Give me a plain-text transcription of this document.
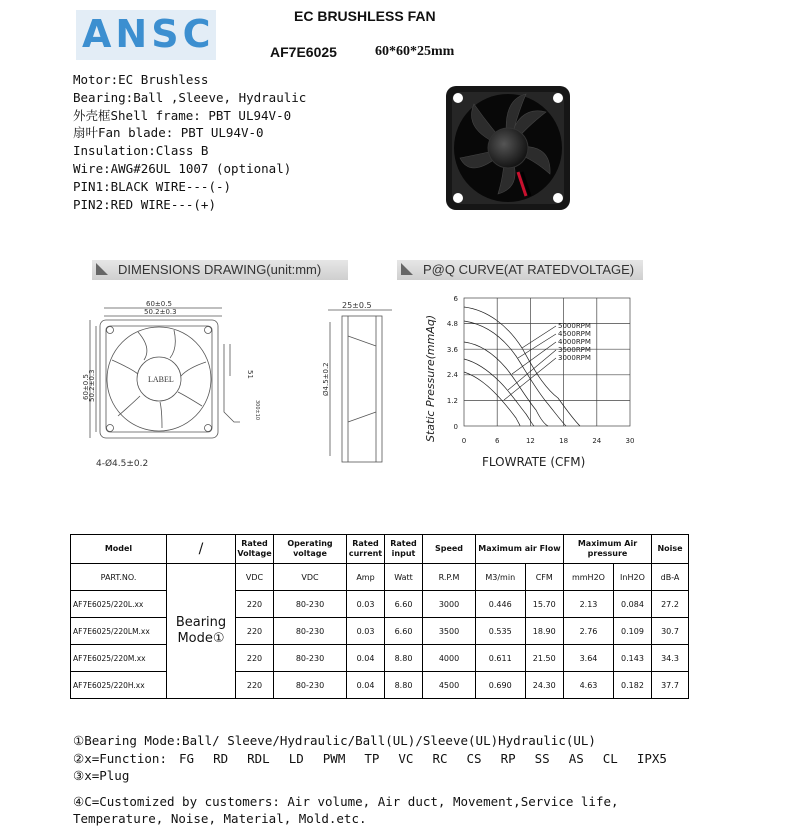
ANSC	EC BRUSHLESS FAN
AF7E6025	60*60*25mm
Motor:EC Brushless
Bearing:Ball ,Sleeve, Hydraulic
外壳框Shell frame: PBT UL94V-0
扇叶Fan blade: PBT UL94V-0
Insulation:Class B
Wire:AWG#26UL 1007 (optional)
PIN1:BLACK WIRE---(-)
PIN2:RED WIRE---(+)
DIMENSIONS DRAWING(unit:mm)	P@Q CURVE(AT RATEDVOLTAGE)
60±0.5
50.2±0.3
LABEL
60±0.5
50.2±0.3	51
300±10
4-Ø4.5±0.2
25±0.5
Ø4.5±0.2
6
4.8
3.6
2.4
1.2
0
0	6	12	18	24	30
5000RPM
4500RPM
4000RPM
3500RPM
3000RPM
Static Pressure(mmAq)
FLOWRATE (CFM)
Model	/	Rated Voltage	Operating voltage	Rated current	Rated input	Speed	Maximum air Flow		Maximum Air pressure		Noise
PART.NO.	Bearing Mode①	VDC	VDC	Amp	Watt	R.P.M	M3/min	CFM	mmH2O	InH2O	dB-A
AF7E6025/220L.xx		220	80-230	0.03	6.60	3000	0.446	15.70	2.13	0.084	27.2
AF7E6025/220LM.xx		220	80-230	0.03	6.60	3500	0.535	18.90	2.76	0.109	30.7
AF7E6025/220M.xx		220	80-230	0.04	8.80	4000	0.611	21.50	3.64	0.143	34.3
AF7E6025/220H.xx		220	80-230	0.04	8.80	4500	0.690	24.30	4.63	0.182	37.7
①Bearing Mode:Ball/ Sleeve/Hydraulic/Ball(UL)/Sleeve(UL)Hydraulic(UL)
②x=Function: FG RD RDL LD PWM TP VC RC CS RP SS AS CL IPX5
③x=Plug
④C=Customized by customers: Air volume, Air duct, Movement,Service life,
Temperature, Noise, Material, Mold.etc.
